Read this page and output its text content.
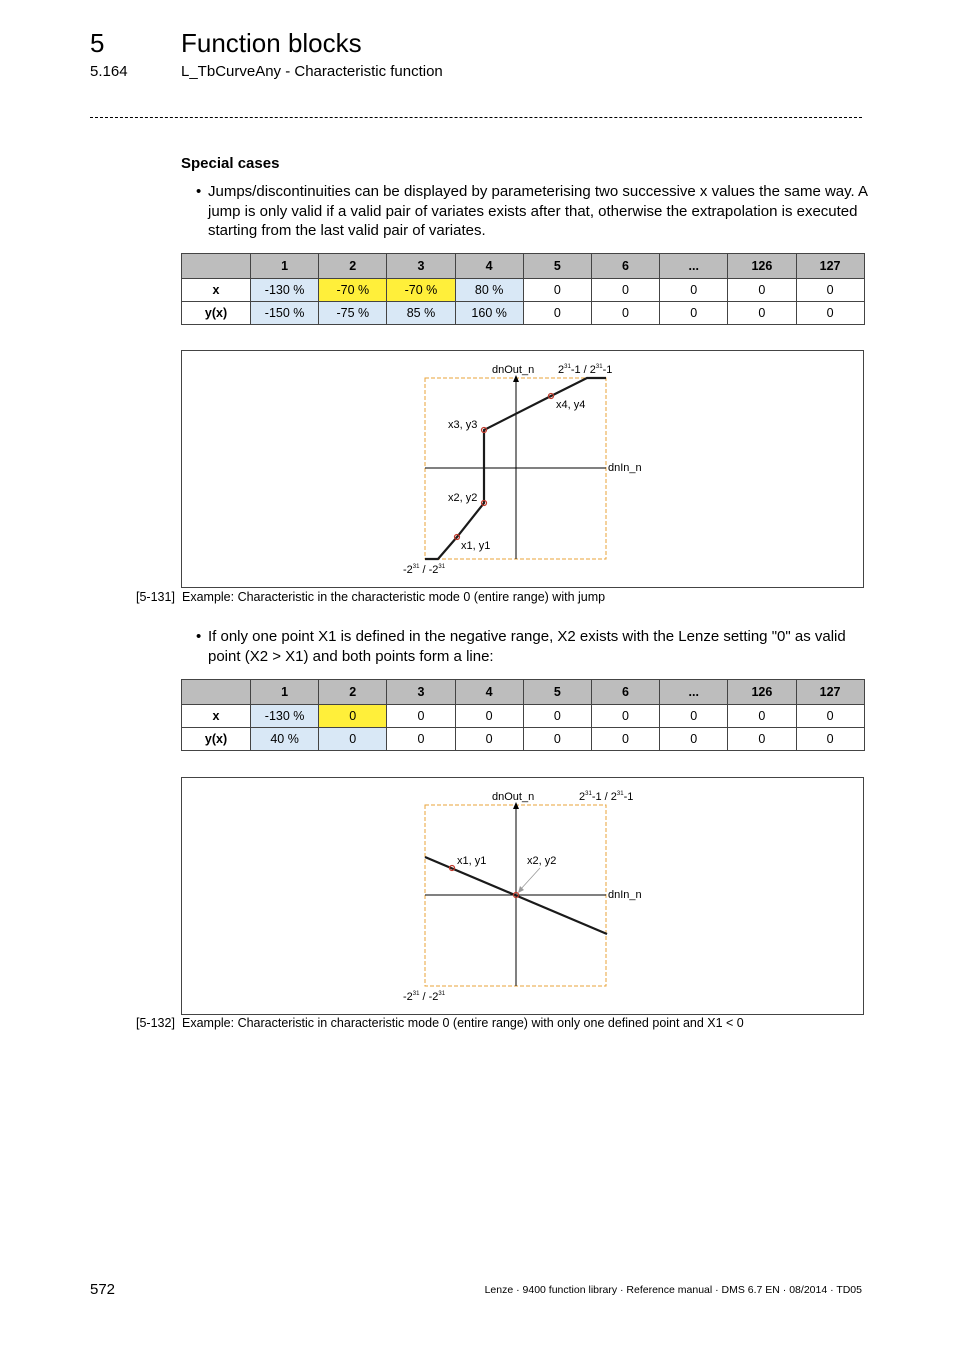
5	Function blocks
5.164	L_TbCurveAny - Characteristic function
Special cases
• Jumps/discontinuities can be displayed by parameterising two successive x values the same way. A jump is only valid if a valid pair of variates exists after that, otherwise the extrapolation is executed starting from the last valid pair of variates.
	1	2	3	4	5	6	...	126	127
x	-130 %	-70 %	-70 %	80 %	0	0	0	0	0
y(x)	-150 %	-75 %	85 %	160 %	0	0	0	0	0
dnOut_n $2^{31}-1 / 2^{31}-1$
dnIn_n
$-2^{31} / -2^{31}$
x1, y1
x2, y2
x3, y3
x4, y4
[5-131] Example: Characteristic in the characteristic mode 0 (entire range) with jump
• If only one point X1 is defined in the negative range, X2 exists with the Lenze setting "0" as valid point (X2 > X1) and both points form a line:
	1	2	3	4	5	6	...	126	127
x	-130 %	0	0	0	0	0	0	0	0
y(x)	40 %	0	0	0	0	0	0	0	0
dnOut_n	$2^{31}-1 / 2^{31}-1$
dnIn_n
$-2^{31} / -2^{31}$
x1, y1	x2, y2
[5-132] Example: Characteristic in characteristic mode 0 (entire range) with only one defined point and X1 < 0
572	Lenze · 9400 function library · Reference manual · DMS 6.7 EN · 08/2014 · TD05
